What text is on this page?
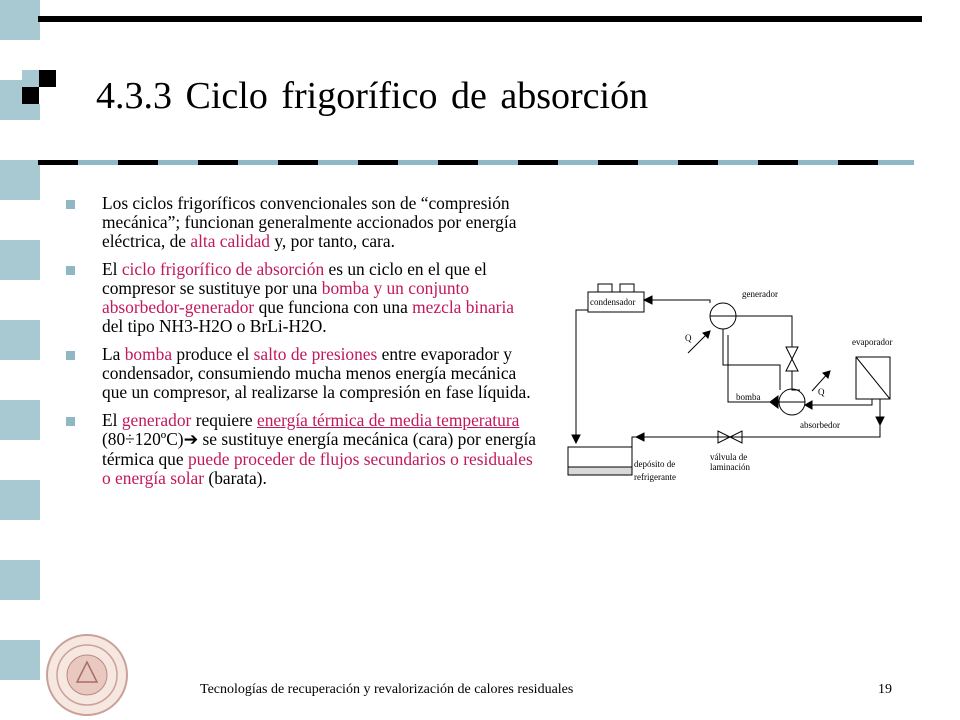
4.3.3 Ciclo frigorífico de absorción
Los ciclos frigoríficos convencionales son de “compresión mecánica”; funcionan generalmente accionados por energía eléctrica, de alta calidad y, por tanto, cara.
El ciclo frigorífico de absorción es un ciclo en el que el compresor se sustituye por una bomba y un conjunto absorbedor-generador que funciona con una mezcla binaria del tipo NH3-H2O o BrLi-H2O.
La bomba produce el salto de presiones entre evaporador y condensador, consumiendo mucha menos energía mecánica que un compresor, al realizarse la compresión en fase líquida.
El generador requiere energía térmica de media temperatura (80÷120ºC)➔ se sustituye energía mecánica (cara) por energía térmica que puede proceder de flujos secundarios o residuales o energía solar (barata).
condensador
generador
evaporador
bomba
absorbedor
Q
Q
válvula de
laminación
depósito de
refrigerante
Tecnologías de recuperación y revalorización de calores residuales	19
